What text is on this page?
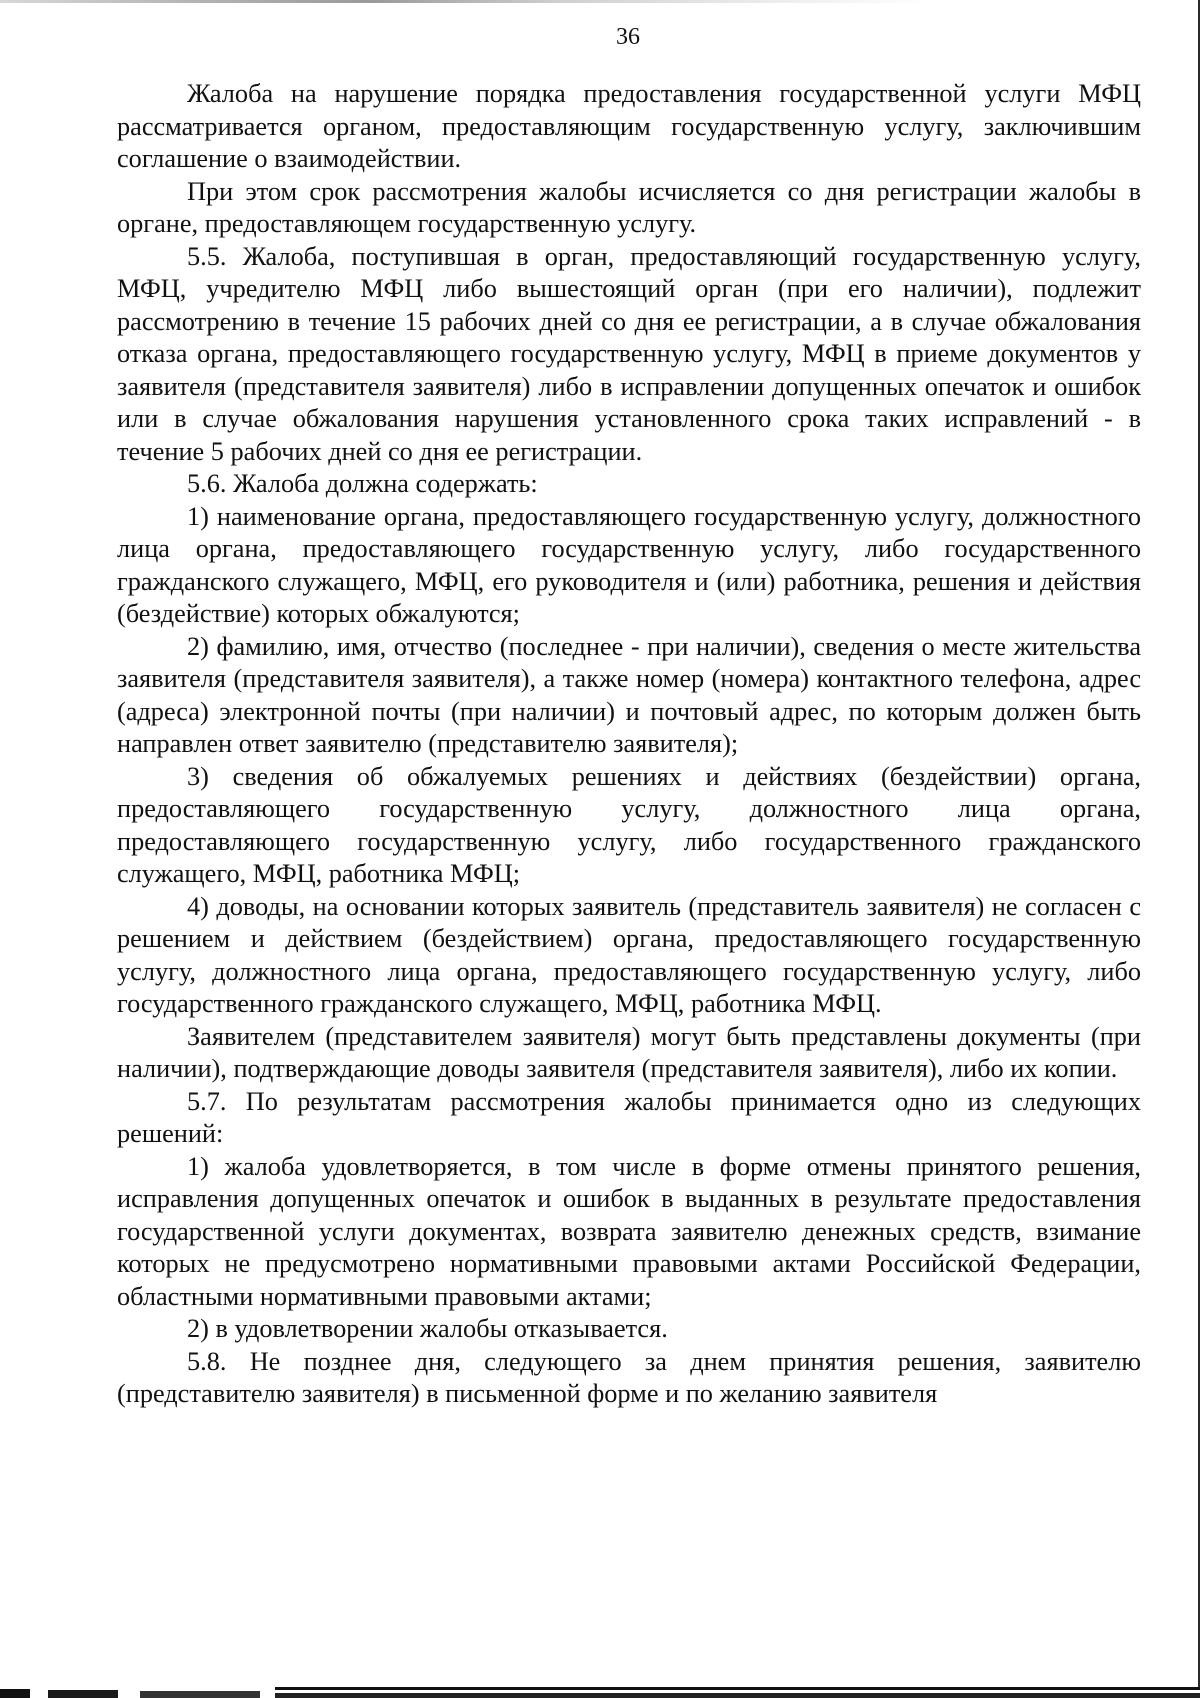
36

Жалоба на нарушение порядка предоставления государственной услуги МФЦ рассматривается органом, предоставляющим государственную услугу, заключившим соглашение о взаимодействии.

При этом срок рассмотрения жалобы исчисляется со дня регистрации жалобы в органе, предоставляющем государственную услугу.

5.5. Жалоба, поступившая в орган, предоставляющий государственную услугу, МФЦ, учредителю МФЦ либо вышестоящий орган (при его наличии), подлежит рассмотрению в течение 15 рабочих дней со дня ее регистрации, а в случае обжалования отказа органа, предоставляющего государственную услугу, МФЦ в приеме документов у заявителя (представителя заявителя) либо в исправлении допущенных опечаток и ошибок или в случае обжалования нарушения установленного срока таких исправлений - в течение 5 рабочих дней со дня ее регистрации.

5.6. Жалоба должна содержать:

1) наименование органа, предоставляющего государственную услугу, должностного лица органа, предоставляющего государственную услугу, либо государственного гражданского служащего, МФЦ, его руководителя и (или) работника, решения и действия (бездействие) которых обжалуются;

2) фамилию, имя, отчество (последнее - при наличии), сведения о месте жительства заявителя (представителя заявителя), а также номер (номера) контактного телефона, адрес (адреса) электронной почты (при наличии) и почтовый адрес, по которым должен быть направлен ответ заявителю (представителю заявителя);

3) сведения об обжалуемых решениях и действиях (бездействии) органа, предоставляющего государственную услугу, должностного лица органа, предоставляющего государственную услугу, либо государственного гражданского служащего, МФЦ, работника МФЦ;

4) доводы, на основании которых заявитель (представитель заявителя) не согласен с решением и действием (бездействием) органа, предоставляющего государственную услугу, должностного лица органа, предоставляющего государственную услугу, либо государственного гражданского служащего, МФЦ, работника МФЦ.

Заявителем (представителем заявителя) могут быть представлены документы (при наличии), подтверждающие доводы заявителя (представителя заявителя), либо их копии.

5.7. По результатам рассмотрения жалобы принимается одно из следующих решений:

1) жалоба удовлетворяется, в том числе в форме отмены принятого решения, исправления допущенных опечаток и ошибок в выданных в результате предоставления государственной услуги документах, возврата заявителю денежных средств, взимание которых не предусмотрено нормативными правовыми актами Российской Федерации, областными нормативными правовыми актами;

2) в удовлетворении жалобы отказывается.

5.8. Не позднее дня, следующего за днем принятия решения, заявителю (представителю заявителя) в письменной форме и по желанию заявителя
